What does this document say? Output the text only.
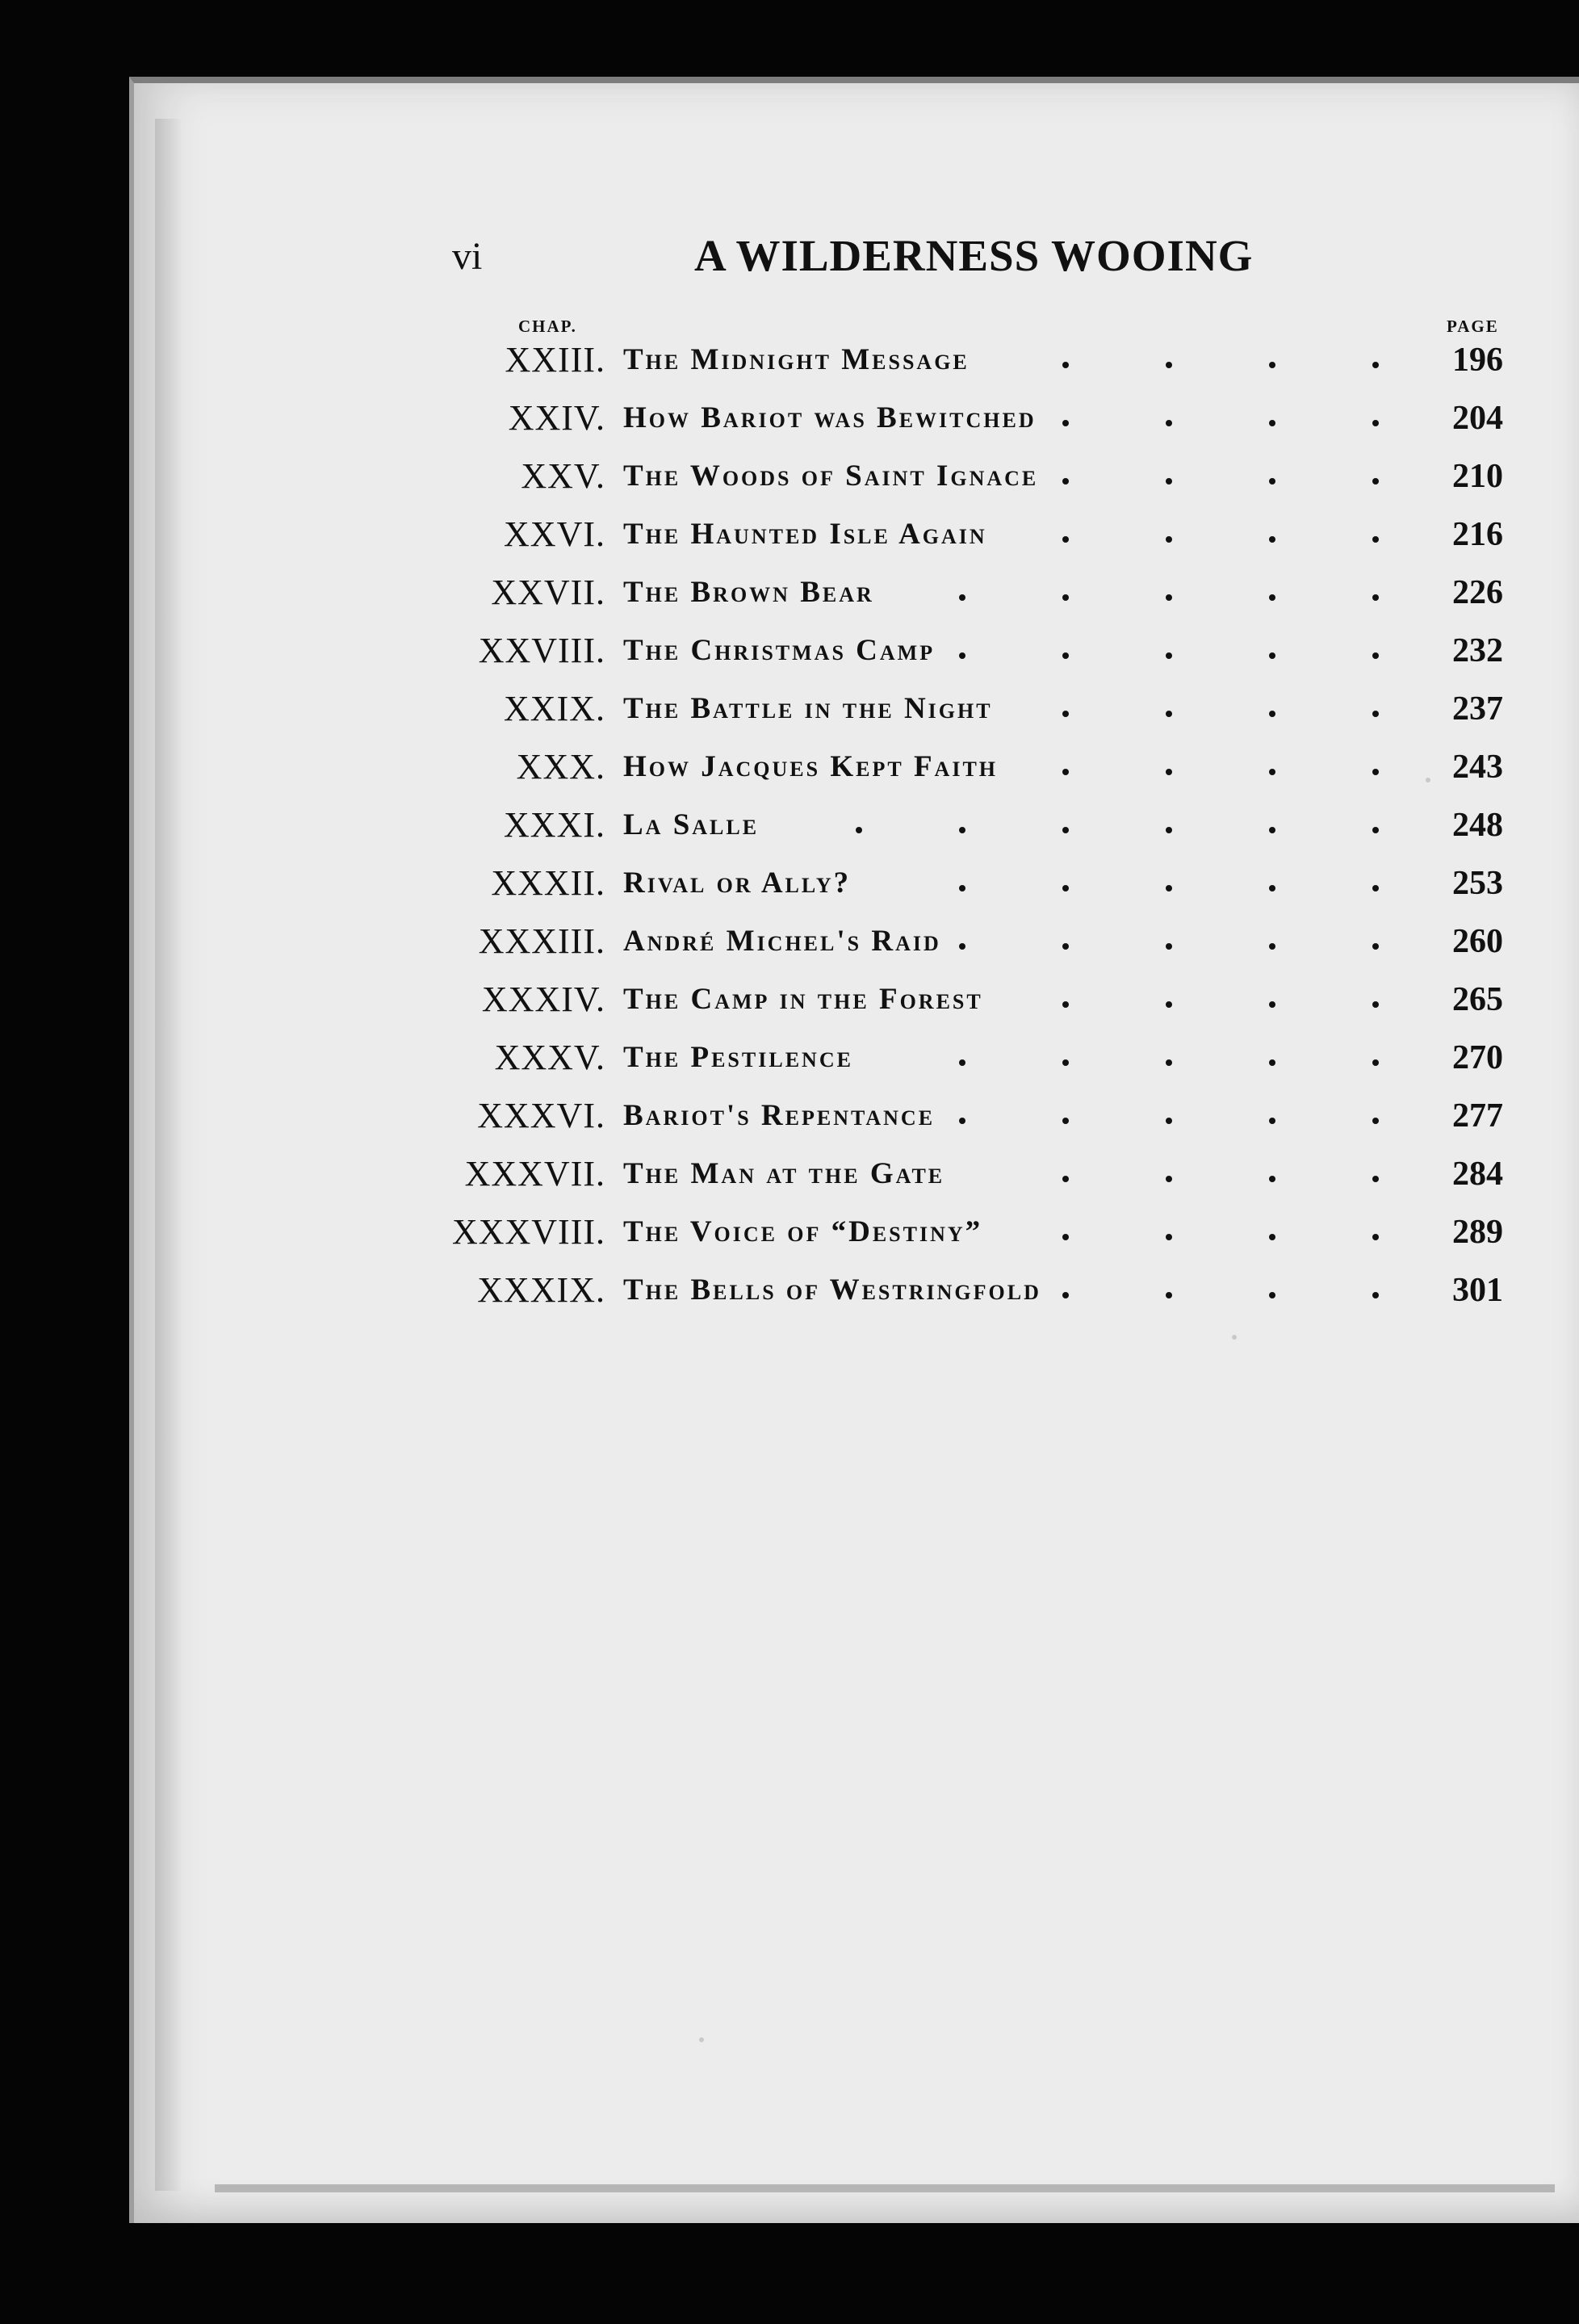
vi	A WILDERNESS WOOING
CHAP.	PAGE
XXIII. The Midnight Message	196
XXIV. How Bariot was Bewitched	204
XXV. The Woods of Saint Ignace	210
XXVI. The Haunted Isle Again	216
XXVII. The Brown Bear	226
XXVIII. The Christmas Camp	232
XXIX. The Battle in the Night	237
XXX. How Jacques Kept Faith	243
XXXI. La Salle	248
XXXII. Rival or Ally?	253
XXXIII. André Michel's Raid	260
XXXIV. The Camp in the Forest	265
XXXV. The Pestilence	270
XXXVI. Bariot's Repentance	277
XXXVII. The Man at the Gate	284
XXXVIII. The Voice of “Destiny”	289
XXXIX. The Bells of Westringfold	301
